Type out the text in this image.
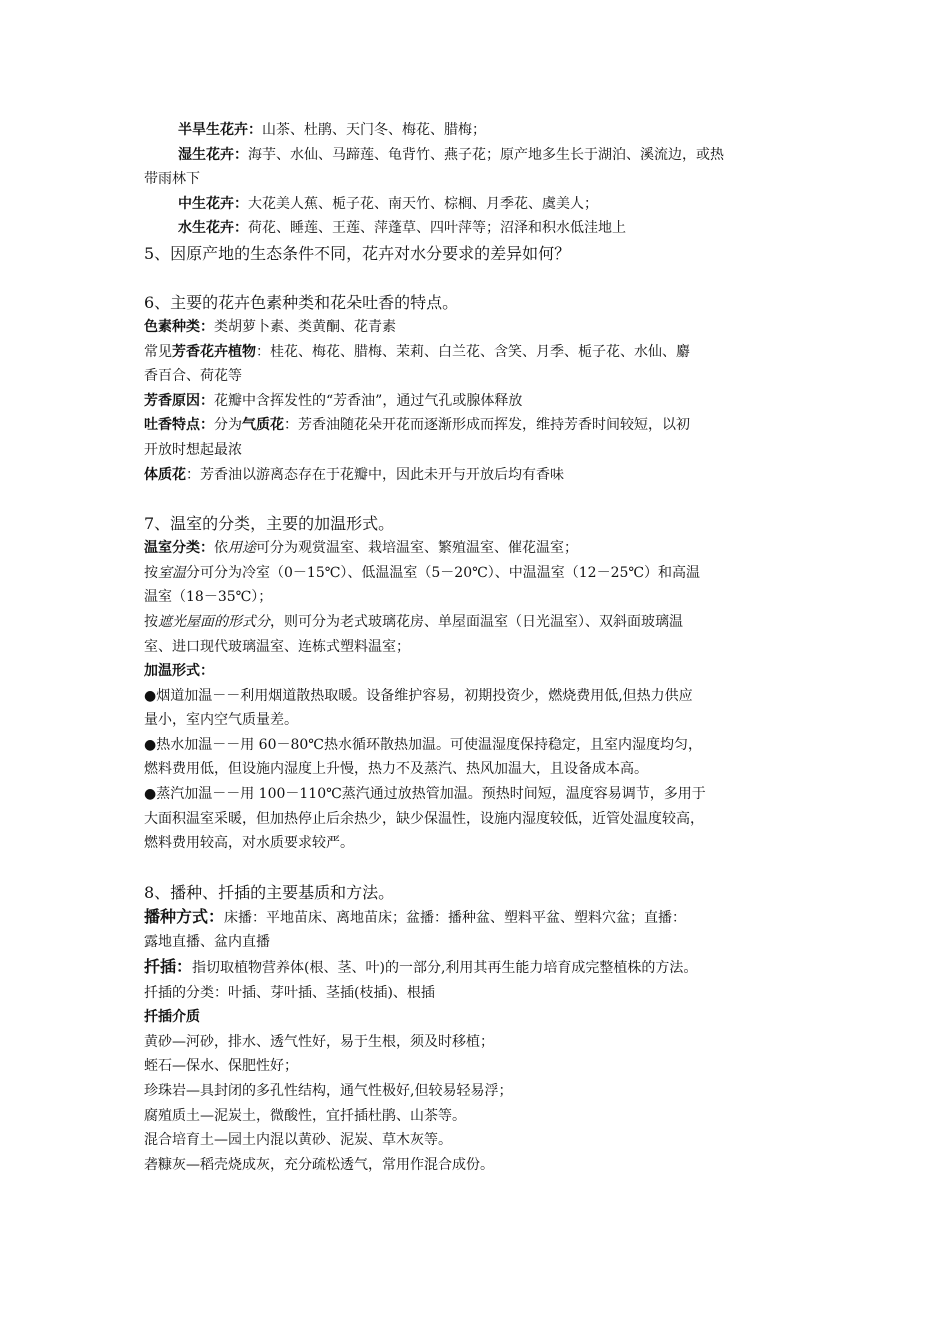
半旱生花卉：山茶、杜鹃、天门冬、梅花、腊梅；
湿生花卉：海芋、水仙、马蹄莲、龟背竹、燕子花；原产地多生长于湖泊、溪流边，或热
带雨林下
中生花卉：大花美人蕉、栀子花、南天竹、棕榈、月季花、虞美人；
水生花卉：荷花、睡莲、王莲、萍蓬草、四叶萍等；沼泽和积水低洼地上
5、因原产地的生态条件不同，花卉对水分要求的差异如何？
6、主要的花卉色素种类和花朵吐香的特点。
色素种类：类胡萝卜素、类黄酮、花青素
常见芳香花卉植物：桂花、梅花、腊梅、茉莉、白兰花、含笑、月季、栀子花、水仙、麝
香百合、荷花等
芳香原因：花瓣中含挥发性的“芳香油”，通过气孔或腺体释放
吐香特点：分为气质花：芳香油随花朵开花而逐渐形成而挥发，维持芳香时间较短，以初
开放时想起最浓
体质花：芳香油以游离态存在于花瓣中，因此未开与开放后均有香味
7、温室的分类，主要的加温形式。
温室分类：依用途可分为观赏温室、栽培温室、繁殖温室、催花温室；
按室温分可分为冷室（0－15℃）、低温温室（5－20℃）、中温温室（12－25℃）和高温
温室（18－35℃）；
按遮光屋面的形式分，则可分为老式玻璃花房、单屋面温室（日光温室）、双斜面玻璃温
室、进口现代玻璃温室、连栋式塑料温室；
加温形式：
●烟道加温－－利用烟道散热取暖。设备维护容易，初期投资少，燃烧费用低,但热力供应
量小，室内空气质量差。
●热水加温－－用 60－80℃热水循环散热加温。可使温湿度保持稳定，且室内湿度均匀，
燃料费用低，但设施内湿度上升慢，热力不及蒸汽、热风加温大，且设备成本高。
●蒸汽加温－－用 100－110℃蒸汽通过放热管加温。预热时间短，温度容易调节，多用于
大面积温室采暖，但加热停止后余热少，缺少保温性，设施内湿度较低，近管处温度较高，
燃料费用较高，对水质要求较严。
8、播种、扦插的主要基质和方法。
播种方式：床播：平地苗床、离地苗床；盆播：播种盆、塑料平盆、塑料穴盆；直播：
露地直播、盆内直播
扦插：指切取植物营养体(根、茎、叶)的一部分,利用其再生能力培育成完整植株的方法。
扦插的分类：叶插、芽叶插、茎插(枝插)、根插
扦插介质
黄砂—河砂，排水、透气性好，易于生根，须及时移植；
蛭石—保水、保肥性好；
珍珠岩—具封闭的多孔性结构，通气性极好,但较易轻易浮；
腐殖质土—泥炭土，微酸性，宜扦插杜鹃、山茶等。
混合培育土—园土内混以黄砂、泥炭、草木灰等。
砻糠灰—稻壳烧成灰，充分疏松透气，常用作混合成份。
